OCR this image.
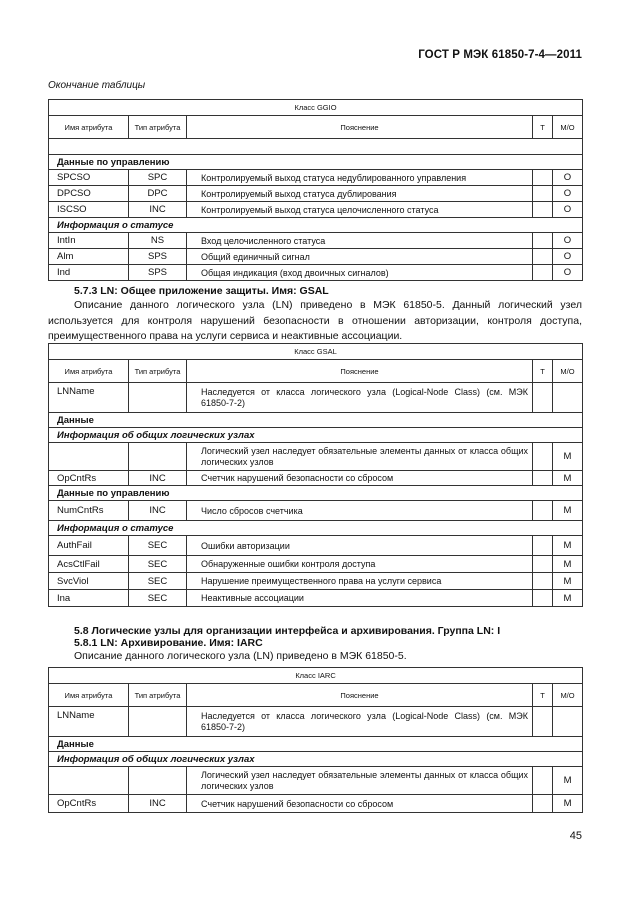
ГОСТ Р МЭК 61850-7-4—2011
Окончание таблицы
Класс GGIO				
Имя атрибута	Тип атрибута	Пояснение	Т	М/О

Данные по управлению				
SPCSO	SPC	Контролируемый выход статуса недублированного управления		O
DPCSO	DPC	Контролируемый выход статуса дублирования		O
ISCSO	INC	Контролируемый выход статуса целочисленного статуса		O
Информация о статусе				
IntIn	NS	Вход целочисленного статуса		O
Alm	SPS	Общий единичный сигнал		O
Ind	SPS	Общая индикация (вход двоичных сигналов)		O
5.7.3 LN: Общее приложение защиты. Имя: GSAL
Описание данного логического узла (LN) приведено в МЭК 61850-5. Данный логический узел используется для контроля нарушений безопасности в отношении авторизации, контроля доступа, преимущественного права на услуги сервиса и неактивные ассоциации.
Класс GSAL				
Имя атрибута	Тип атрибута	Пояснение	Т	М/О
LNName		Наследуется от класса логического узла (Logical-Node Class) (см. МЭК 61850-7-2)		
Данные				
Информация об общих логических узлах				
		Логический узел наследует обязательные элементы данных от класса общих логических узлов		M
OpCntRs	INC	Счетчик нарушений безопасности со сбросом		M
Данные по управлению				
NumCntRs	INC	Число сбросов счетчика		M
Информация о статусе				
AuthFail	SEC	Ошибки авторизации		M
AcsCtlFail	SEC	Обнаруженные ошибки контроля доступа		M
SvcViol	SEC	Нарушение преимущественного права на услуги сервиса		M
Ina	SEC	Неактивные ассоциации		M
5.8 Логические узлы для организации интерфейса и архивирования. Группа LN: I
5.8.1 LN: Архивирование. Имя: IARC
Описание данного логического узла (LN) приведено в МЭК 61850-5.
Класс IARC				
Имя атрибута	Тип атрибута	Пояснение	Т	М/О
LNName		Наследуется от класса логического узла (Logical-Node Class) (см. МЭК 61850-7-2)		
Данные				
Информация об общих логических узлах				
		Логический узел наследует обязательные элементы данных от класса общих логических узлов		M
OpCntRs	INC	Счетчик нарушений безопасности со сбросом		M
45
